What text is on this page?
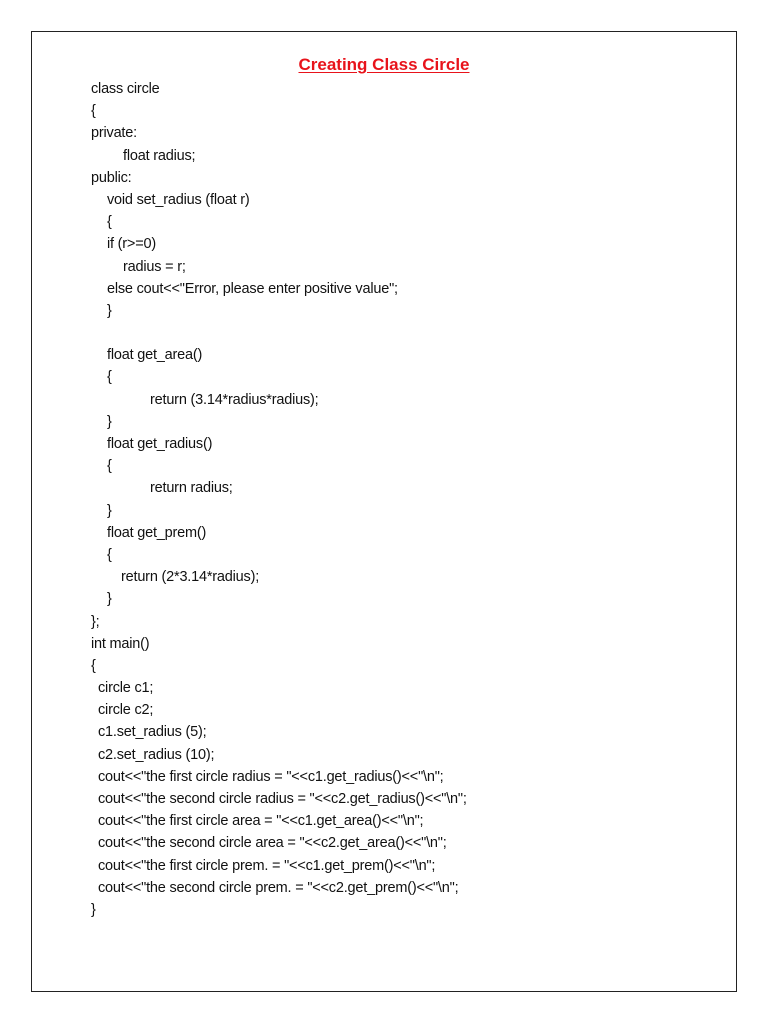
Creating Class Circle
class circle
{
private:
float radius;
public:
void set_radius (float r)
{
if (r>=0)
radius = r;
else cout<<"Error, please enter positive value";
}
float get_area()
{
return (3.14*radius*radius);
}
float get_radius()
{
return radius;
}
float get_prem()
{
return (2*3.14*radius);
}
};
int main()
{
circle c1;
circle c2;
c1.set_radius (5);
c2.set_radius (10);
cout<<"the first circle radius = "<<c1.get_radius()<<"\n";
cout<<"the second circle radius = "<<c2.get_radius()<<"\n";
cout<<"the first circle area = "<<c1.get_area()<<"\n";
cout<<"the second circle area = "<<c2.get_area()<<"\n";
cout<<"the first circle prem. = "<<c1.get_prem()<<"\n";
cout<<"the second circle prem. = "<<c2.get_prem()<<"\n";
}
